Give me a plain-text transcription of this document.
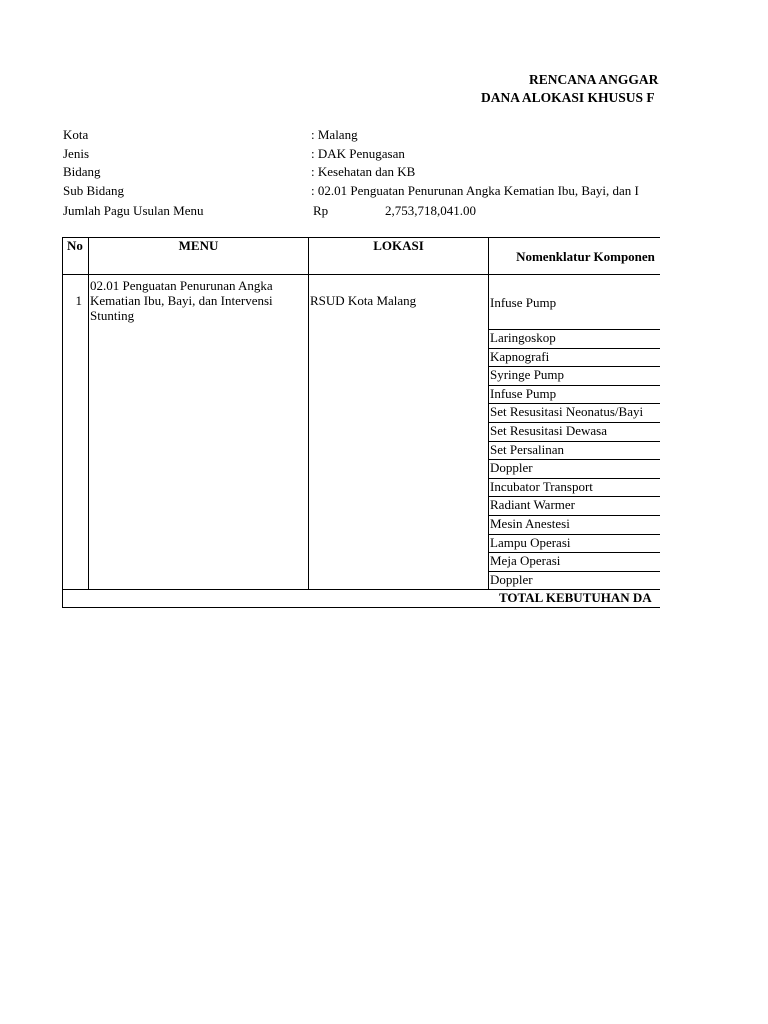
RENCANA ANGGAR
DANA ALOKASI KHUSUS F
Kota	: Malang
Jenis	: DAK Penugasan
Bidang	: Kesehatan dan KB
Sub Bidang	: 02.01 Penguatan Penurunan Angka Kematian Ibu, Bayi, dan I
Jumlah Pagu Usulan Menu	Rp	2,753,718,041.00
No	MENU	LOKASI	Nomenklatur Komponen
1	02.01 Penguatan Penurunan Angka Kematian Ibu, Bayi, dan Intervensi Stunting	RSUD Kota Malang	Infuse Pump
			Laringoskop
			Kapnografi
			Syringe Pump
			Infuse Pump
			Set Resusitasi Neonatus/Bayi
			Set Resusitasi Dewasa
			Set Persalinan
			Doppler
			Incubator Transport
			Radiant Warmer
			Mesin Anestesi
			Lampu Operasi
			Meja Operasi
			Doppler
TOTAL KEBUTUHAN DA			
